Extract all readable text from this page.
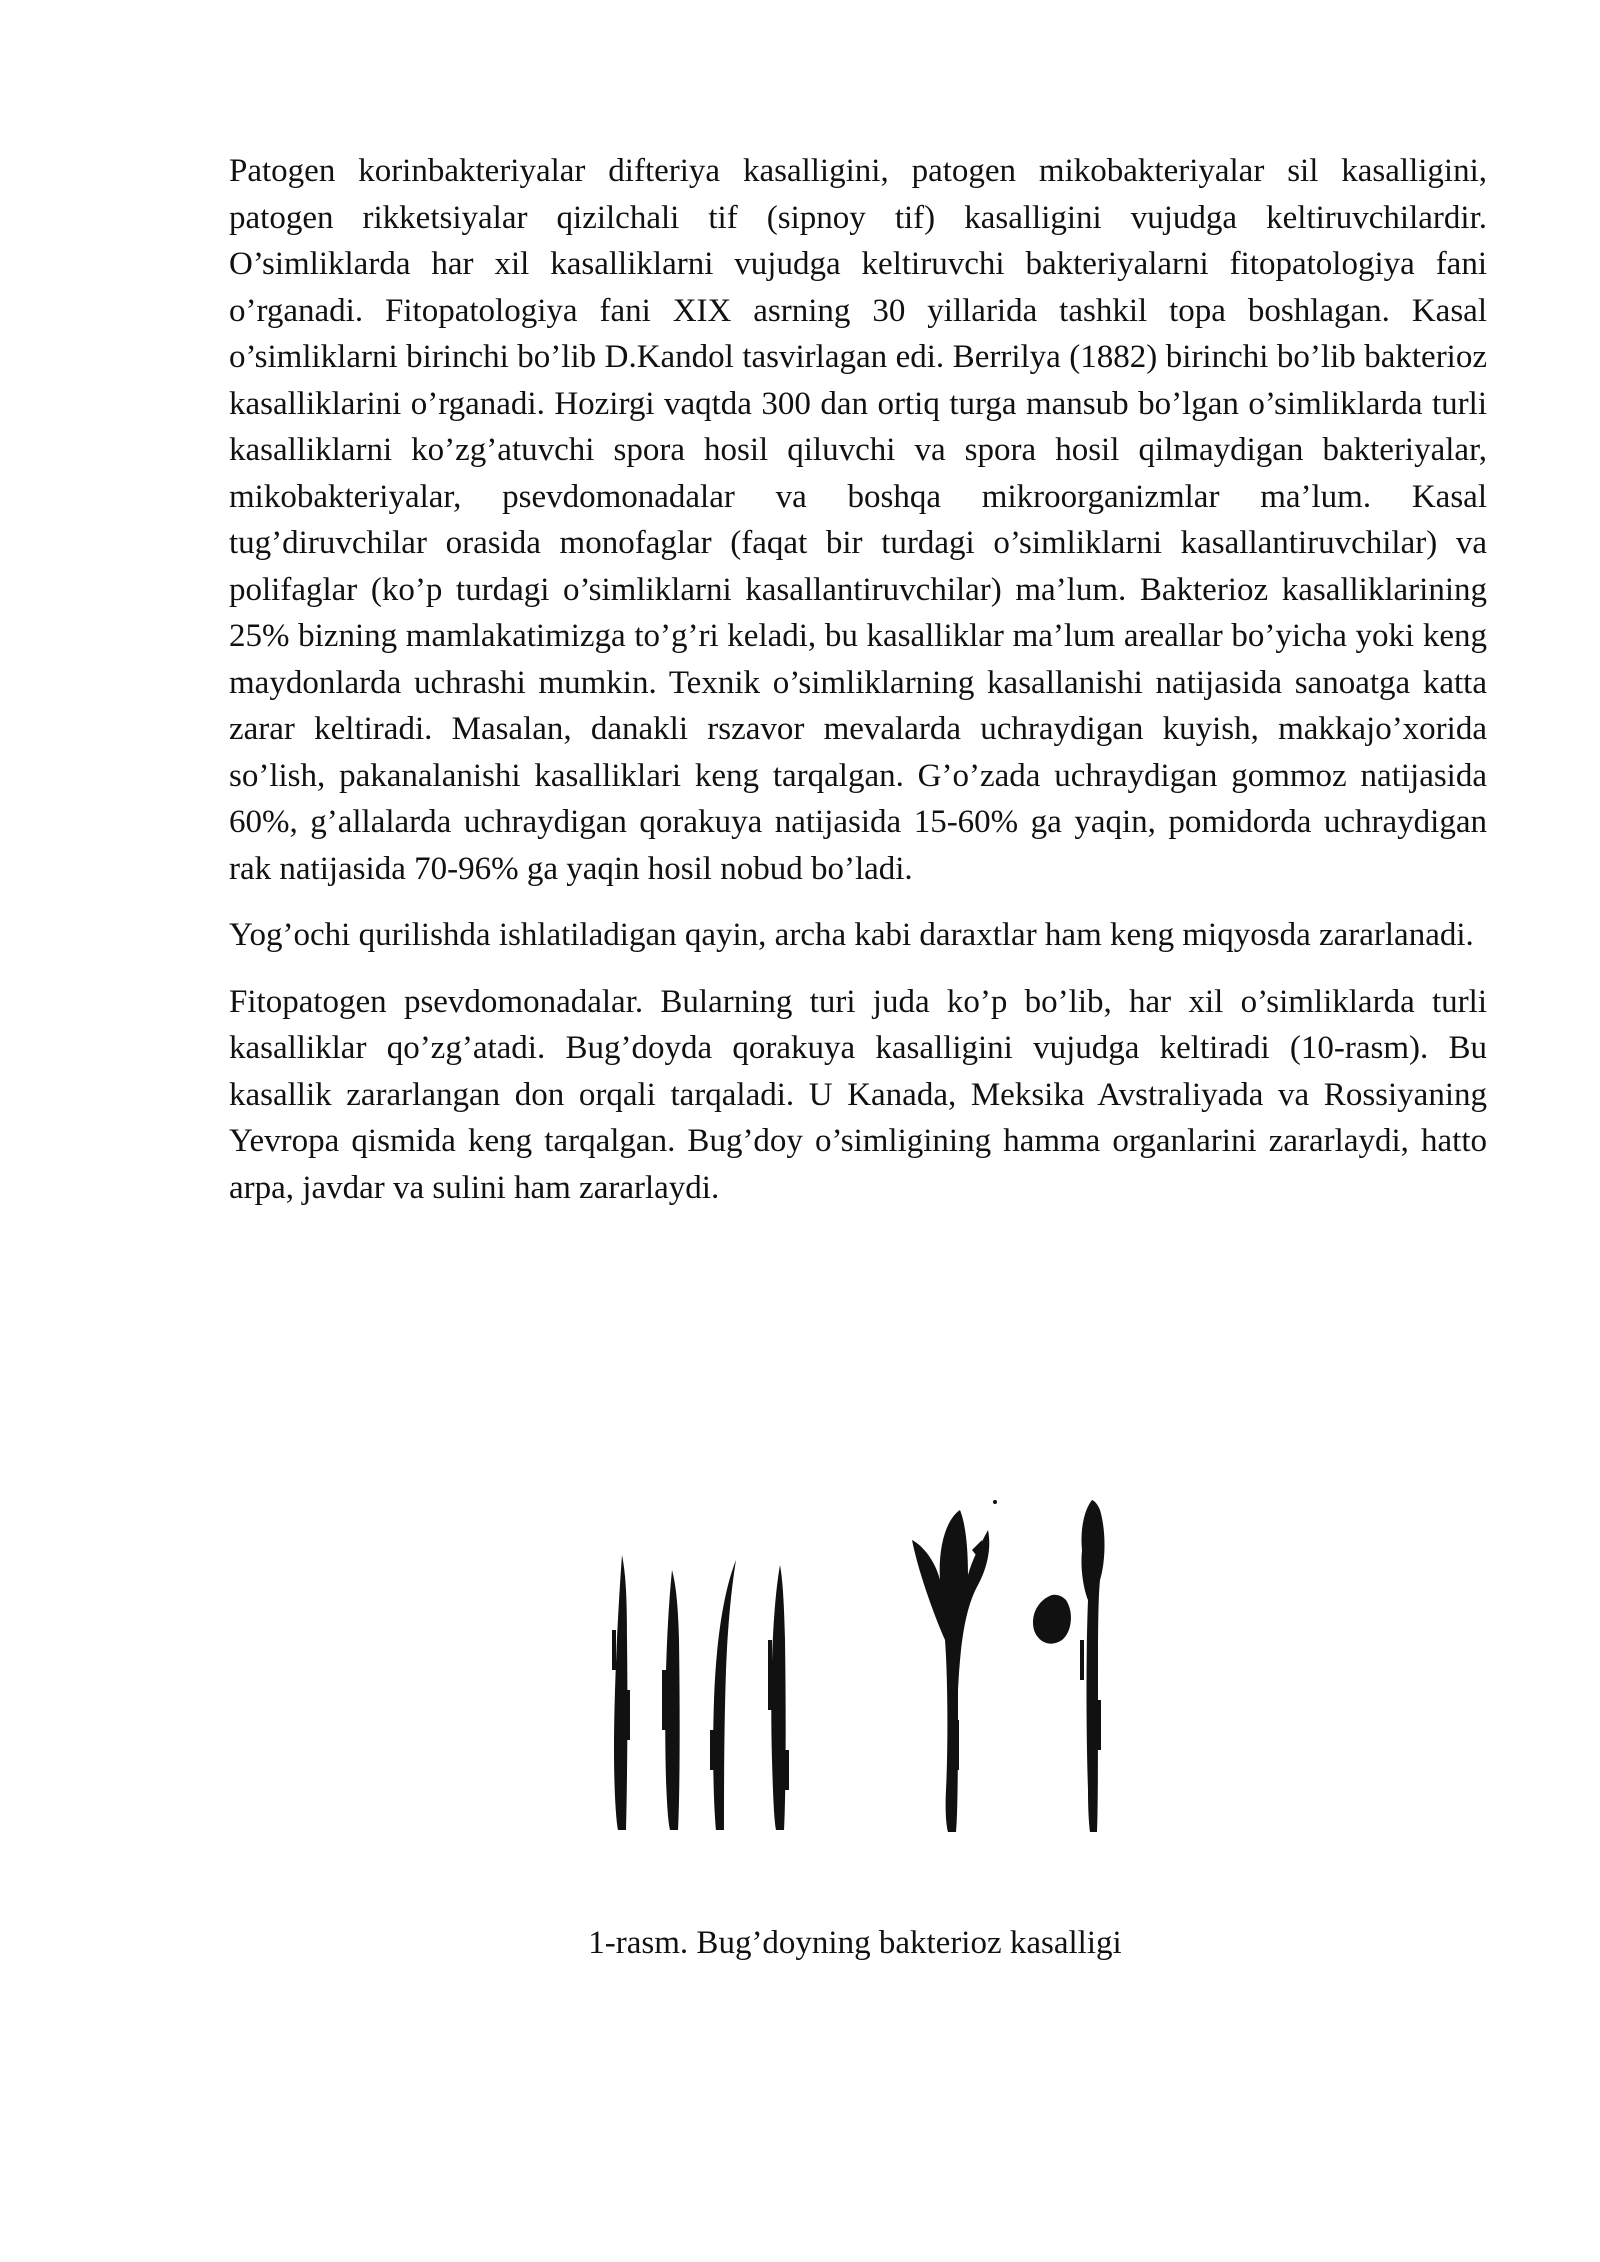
Patogen korinbakteriyalar difteriya kasalligini, patogen mikobakteriyalar sil kasalligini, patogen rikketsiyalar qizilchali tif (sipnoy tif) kasalligini vujudga keltiruvchilardir. O’simliklarda har xil kasalliklarni vujudga keltiruvchi bakteriyalarni fitopatologiya fani o’rganadi. Fitopatologiya fani XIX asrning 30 yillarida tashkil topa boshlagan. Kasal o’simliklarni birinchi bo’lib D.Kandol tasvirlagan edi. Berrilya (1882) birinchi bo’lib bakterioz kasalliklarini o’rganadi. Hozirgi vaqtda 300 dan ortiq turga mansub bo’lgan o’simliklarda turli kasalliklarni ko’zg’atuvchi spora hosil qiluvchi va spora hosil qilmaydigan bakteriyalar, mikobakteriyalar, psevdomonadalar va boshqa mikroorganizmlar ma’lum. Kasal tug’diruvchilar orasida monofaglar (faqat bir turdagi o’simliklarni kasallantiruvchilar) va polifaglar (ko’p turdagi o’simliklarni kasallantiruvchilar) ma’lum. Bakterioz kasalliklarining 25% bizning mamlakatimizga to’g’ri keladi, bu kasalliklar ma’lum areallar bo’yicha yoki keng maydonlarda uchrashi mumkin. Texnik o’simliklarning kasallanishi natijasida sanoatga katta zarar keltiradi. Masalan, danakli rszavor mevalarda uchraydigan kuyish, makkajo’xorida so’lish, pakanalanishi kasalliklari keng tarqalgan. G’o’zada uchraydigan gommoz natijasida 60%, g’allalarda uchraydigan qorakuya natijasida 15-60% ga yaqin, pomidorda uchraydigan rak natijasida 70-96% ga yaqin hosil nobud bo’ladi.

Yog’ochi qurilishda ishlatiladigan qayin, archa kabi daraxtlar ham keng miqyosda zararlanadi.

Fitopatogen psevdomonadalar. Bularning turi juda ko’p bo’lib, har xil o’simliklarda turli kasalliklar qo’zg’atadi. Bug’doyda qorakuya kasalligini vujudga keltiradi (10-rasm). Bu kasallik zararlangan don orqali tarqaladi. U Kanada, Meksika Avstraliyada va Rossiyaning Yevropa qismida keng tarqalgan. Bug’doy o’simligining hamma organlarini zararlaydi, hatto arpa, javdar va sulini ham zararlaydi.

1-rasm. Bug’doyning bakterioz kasalligi
